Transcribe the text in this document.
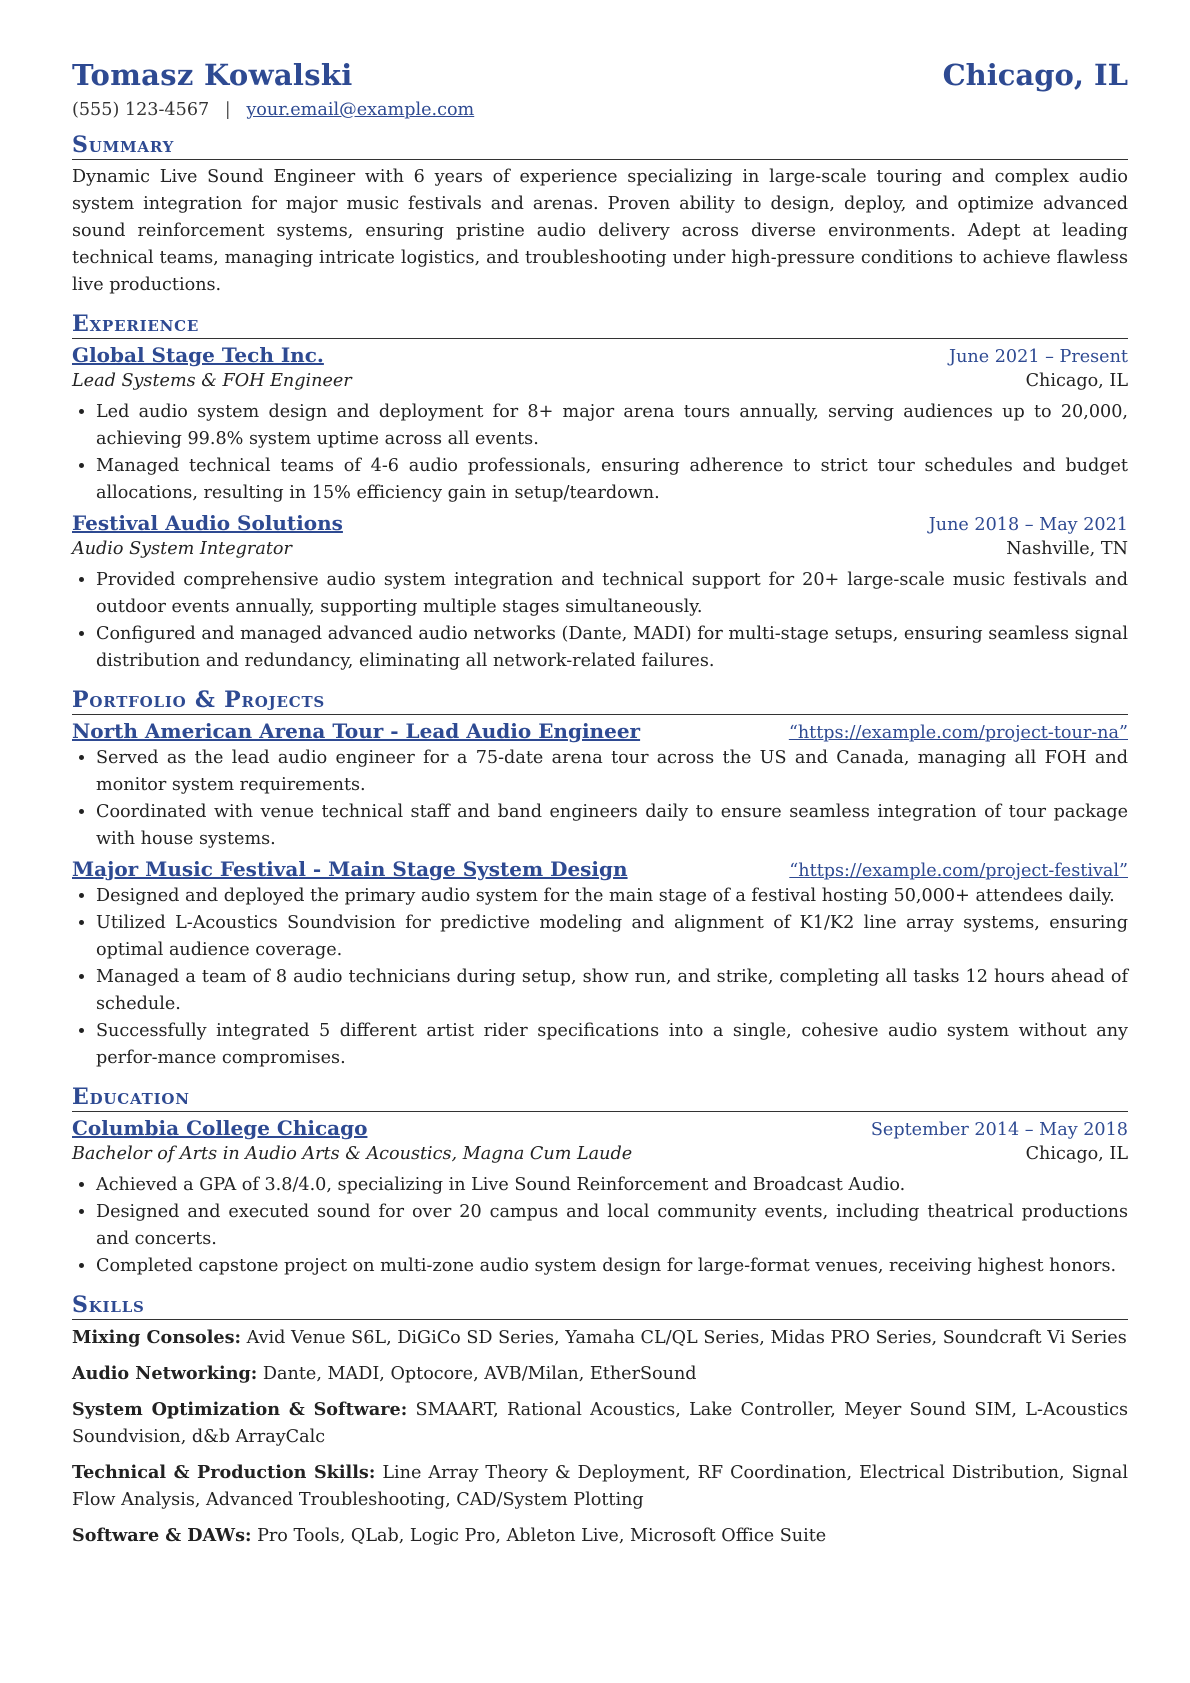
Tomasz Kowalski	Chicago, IL
(555) 123-4567 | your.email@example.com
Summary
Dynamic Live Sound Engineer with 6 years of experience specializing in large-scale touring and complex audio system integration for major music festivals and arenas. Proven ability to design, deploy, and optimize advanced sound reinforcement systems, ensuring pristine audio delivery across diverse environments. Adept at leading technical teams, managing intricate logistics, and troubleshooting under high-pressure conditions to achieve flawless live productions.
Experience
Global Stage Tech Inc.	June 2021 – Present
Lead Systems & FOH Engineer	Chicago, IL
• Led audio system design and deployment for 8+ major arena tours annually, serving audiences up to 20,000, achieving 99.8% system uptime across all events.
• Managed technical teams of 4-6 audio professionals, ensuring adherence to strict tour schedules and budget allocations, resulting in 15% efficiency gain in setup/teardown.
Festival Audio Solutions	June 2018 – May 2021
Audio System Integrator	Nashville, TN
• Provided comprehensive audio system integration and technical support for 20+ large-scale music festivals and outdoor events annually, supporting multiple stages simultaneously.
• Configured and managed advanced audio networks (Dante, MADI) for multi-stage setups, ensuring seamless signal distribution and redundancy, eliminating all network-related failures.
Portfolio & Projects
North American Arena Tour - Lead Audio Engineer	“https://example.com/project-tour-na”
• Served as the lead audio engineer for a 75-date arena tour across the US and Canada, managing all FOH and monitor system requirements.
• Coordinated with venue technical staff and band engineers daily to ensure seamless integration of tour package with house systems.
Major Music Festival - Main Stage System Design	“https://example.com/project-festival”
• Designed and deployed the primary audio system for the main stage of a festival hosting 50,000+ attendees daily.
• Utilized L-Acoustics Soundvision for predictive modeling and alignment of K1/K2 line array systems, ensuring optimal audience coverage.
• Managed a team of 8 audio technicians during setup, show run, and strike, completing all tasks 12 hours ahead of schedule.
• Successfully integrated 5 different artist rider specifications into a single, cohesive audio system without any perfor-mance compromises.
Education
Columbia College Chicago	September 2014 – May 2018
Bachelor of Arts in Audio Arts & Acoustics, Magna Cum Laude	Chicago, IL
• Achieved a GPA of 3.8/4.0, specializing in Live Sound Reinforcement and Broadcast Audio.
• Designed and executed sound for over 20 campus and local community events, including theatrical productions and concerts.
• Completed capstone project on multi-zone audio system design for large-format venues, receiving highest honors.
Skills
Mixing Consoles: Avid Venue S6L, DiGiCo SD Series, Yamaha CL/QL Series, Midas PRO Series, Soundcraft Vi Series
Audio Networking: Dante, MADI, Optocore, AVB/Milan, EtherSound
System Optimization & Software: SMAART, Rational Acoustics, Lake Controller, Meyer Sound SIM, L-Acoustics Soundvision, d&b ArrayCalc
Technical & Production Skills: Line Array Theory & Deployment, RF Coordination, Electrical Distribution, Signal Flow Analysis, Advanced Troubleshooting, CAD/System Plotting
Software & DAWs: Pro Tools, QLab, Logic Pro, Ableton Live, Microsoft Office Suite
